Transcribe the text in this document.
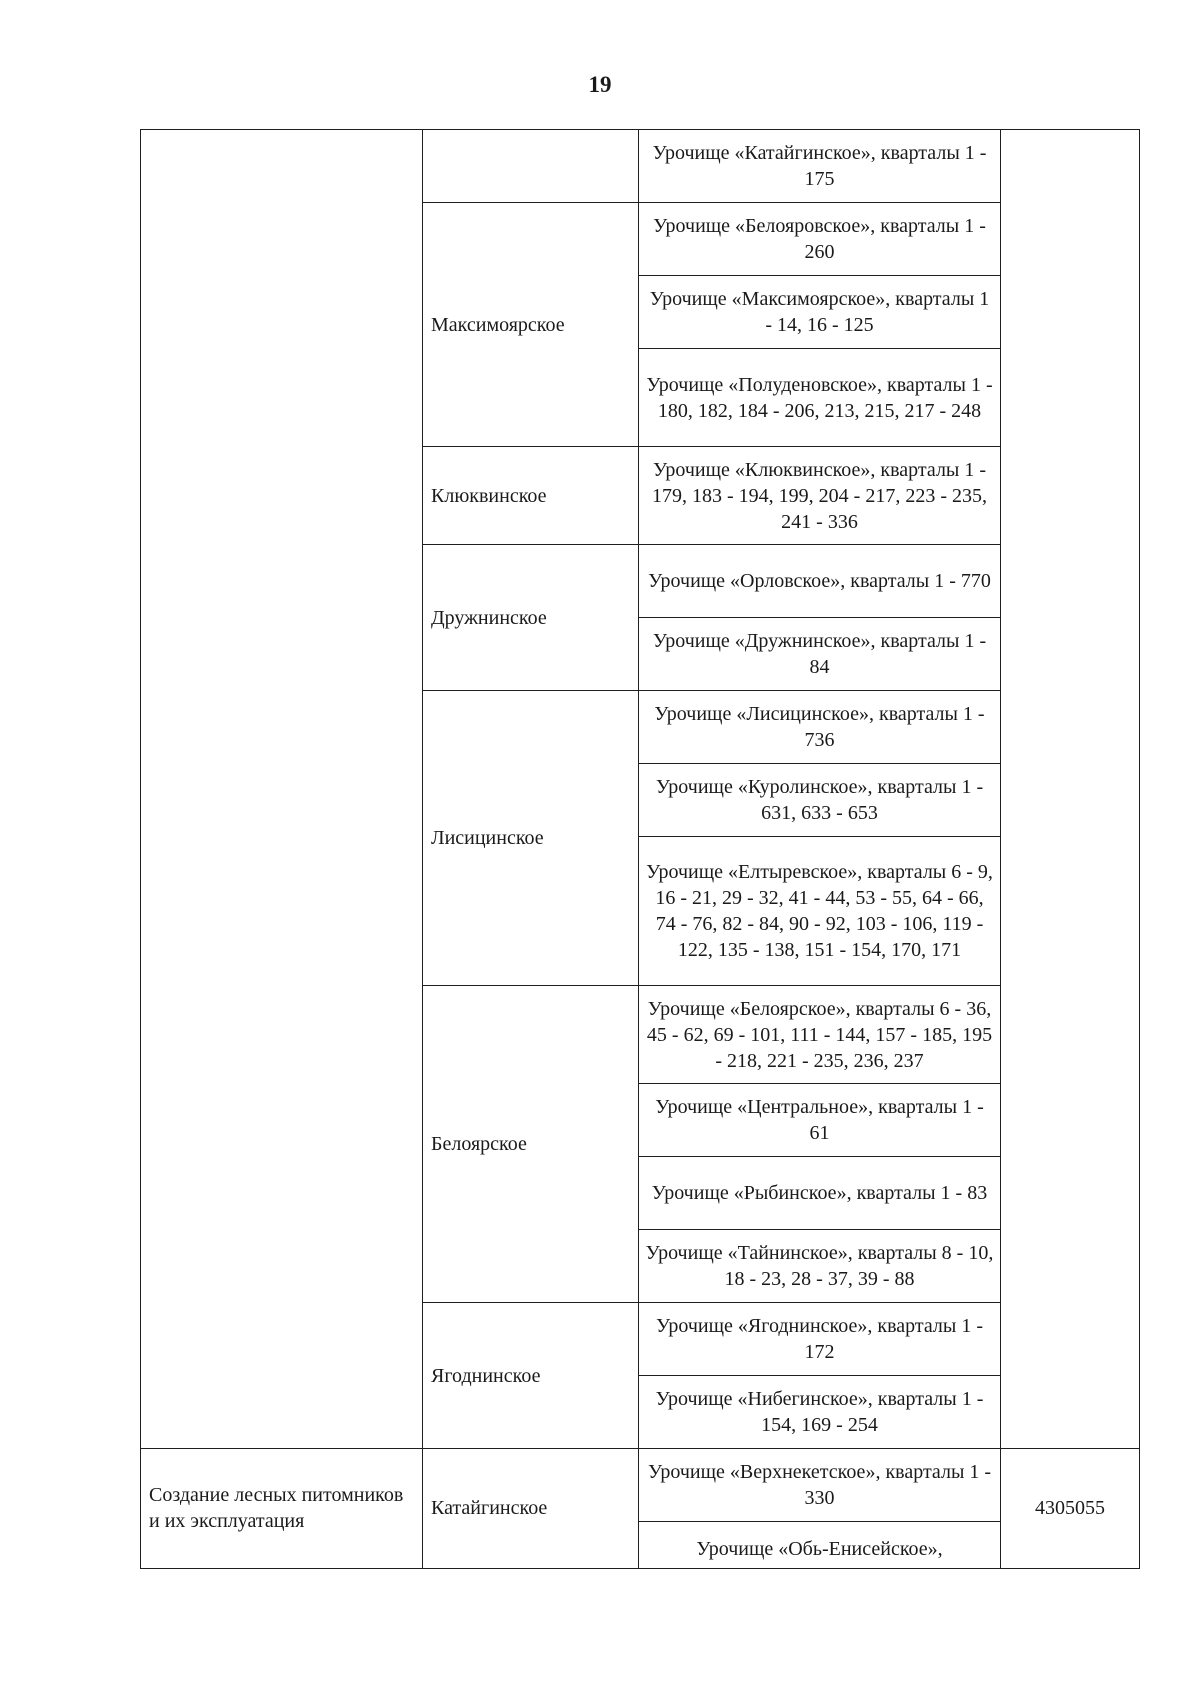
19
		Урочище «Катайгинское», кварталы 1 - 175	
	Максимоярское	Урочище «Белояровское», кварталы 1 - 260	
		Урочище «Максимоярское», кварталы 1 - 14, 16 - 125	
		Урочище «Полуденовское», кварталы 1 - 180, 182, 184 - 206, 213, 215, 217 - 248	
	Клюквинское	Урочище «Клюквинское», кварталы 1 - 179, 183 - 194, 199, 204 - 217, 223 - 235, 241 - 336	
	Дружнинское	Урочище «Орловское», кварталы 1 - 770	
		Урочище «Дружнинское», кварталы 1 - 84	
	Лисицинское	Урочище «Лисицинское», кварталы 1 - 736	
		Урочище «Куролинское», кварталы 1 - 631, 633 - 653	
		Урочище «Елтыревское», кварталы 6 - 9, 16 - 21, 29 - 32, 41 - 44, 53 - 55, 64 - 66, 74 - 76, 82 - 84, 90 - 92, 103 - 106, 119 - 122, 135 - 138, 151 - 154, 170, 171	
	Белоярское	Урочище «Белоярское», кварталы 6 - 36, 45 - 62, 69 - 101, 111 - 144, 157 - 185, 195 - 218, 221 - 235, 236, 237	
		Урочище «Центральное», кварталы 1 - 61	
		Урочище «Рыбинское», кварталы 1 - 83	
		Урочище «Тайнинское», кварталы 8 - 10, 18 - 23, 28 - 37, 39 - 88	
	Ягоднинское	Урочище «Ягоднинское», кварталы 1 - 172	
		Урочище «Нибегинское», кварталы 1 - 154, 169 - 254	
Создание лесных питомников и их эксплуатация	Катайгинское	Урочище «Верхнекетское», кварталы 1 - 330	4305055
Урочище «Обь-Енисейское»,
